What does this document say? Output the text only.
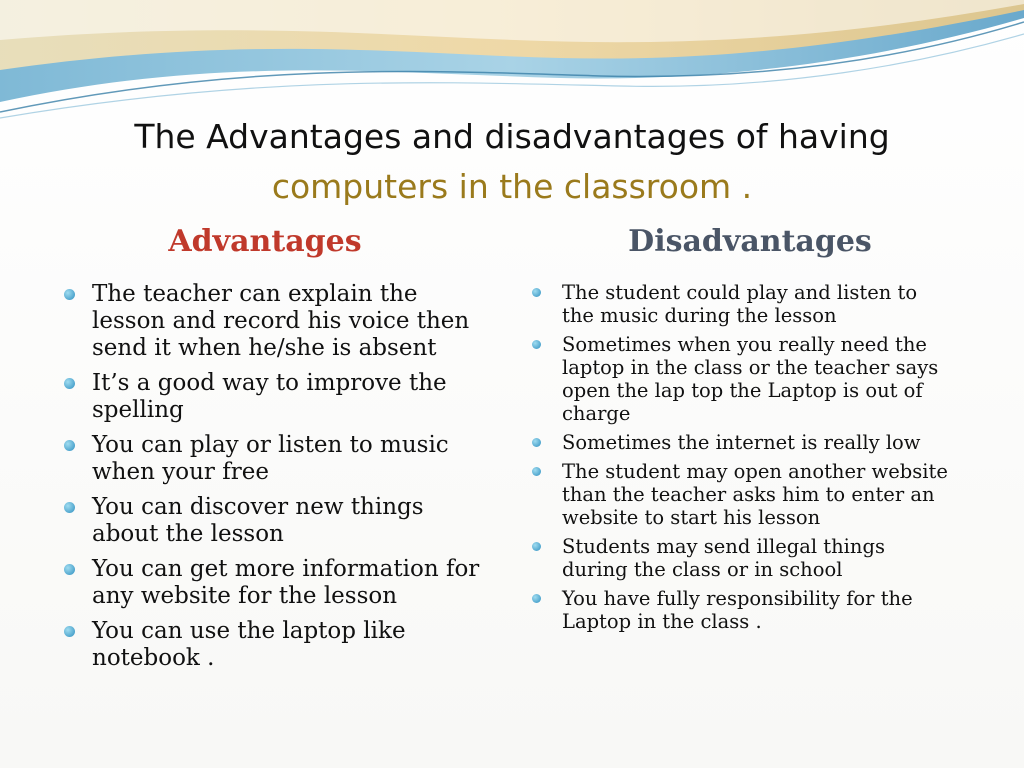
The Advantages and disadvantages of having
computers in the classroom .
Advantages	Disadvantages
The teacher can explain the lesson and record his voice then send it when he/she is absent
It’s a good way to improve the spelling
You can play or listen to music when your free
You can discover new things about the lesson
You can get more information for any website for the lesson
You can use the laptop like notebook .
The student could play and listen to the music during the lesson
Sometimes when you really need the laptop in the class or the teacher says open the lap top the Laptop is out of charge
Sometimes the internet is really low
The student may open another website than the teacher asks him to enter an website to start his lesson
Students may send illegal things during the class or in school
You have fully responsibility for the Laptop in the class .
